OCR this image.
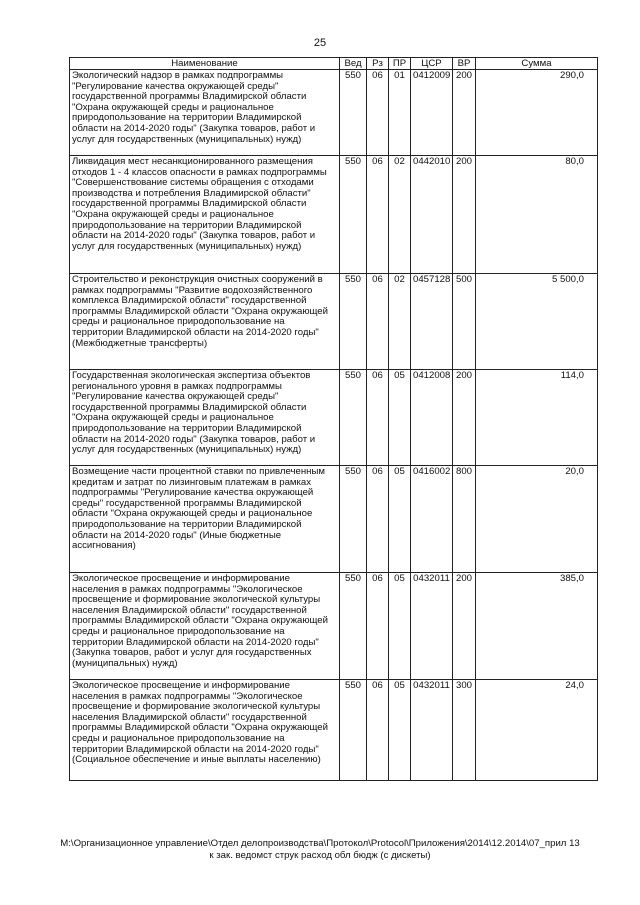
25
Наименование	Вед	Рз	ПР	ЦСР	ВР	Сумма
Экологический надзор в рамках подпрограммы "Регулирование качества окружающей среды" государственной программы Владимирской области "Охрана окружающей среды и рациональное природопользование на территории Владимирской области на 2014-2020 годы" (Закупка товаров, работ и услуг для государственных (муниципальных) нужд)	550	06	01	0412009	200	290,0
Ликвидация мест несанкционированного размещения отходов 1 - 4 классов опасности в рамках подпрограммы "Совершенствование системы обращения с отходами производства и потребления Владимирской области" государственной программы Владимирской области "Охрана окружающей среды и рациональное природопользование на территории Владимирской области на 2014-2020 годы" (Закупка товаров, работ и услуг для государственных (муниципальных) нужд)	550	06	02	0442010	200	80,0
Строительство и реконструкция очистных сооружений в рамках подпрограммы "Развитие водохозяйственного комплекса Владимирской области" государственной программы Владимирской области "Охрана окружающей среды и рациональное природопользование на территории Владимирской области на 2014-2020 годы" (Межбюджетные трансферты)	550	06	02	0457128	500	5 500,0
Государственная экологическая экспертиза объектов регионального уровня в рамках подпрограммы "Регулирование качества окружающей среды" государственной программы Владимирской области "Охрана окружающей среды и рациональное природопользование на территории Владимирской области на 2014-2020 годы" (Закупка товаров, работ и услуг для государственных (муниципальных) нужд)	550	06	05	0412008	200	114,0
Возмещение части процентной ставки по привлеченным кредитам и затрат по лизинговым платежам в рамках подпрограммы "Регулирование качества окружающей среды" государственной программы Владимирской области "Охрана окружающей среды и рациональное природопользование на территории Владимирской области на 2014-2020 годы" (Иные бюджетные ассигнования)	550	06	05	0416002	800	20,0
Экологическое просвещение и информирование населения в рамках подпрограммы "Экологическое просвещение и формирование экологической культуры населения Владимирской области" государственной программы Владимирской области "Охрана окружающей среды и рациональное природопользование на территории Владимирской области на 2014-2020 годы" (Закупка товаров, работ и услуг для государственных (муниципальных) нужд)	550	06	05	0432011	200	385,0
Экологическое просвещение и информирование населения в рамках подпрограммы "Экологическое просвещение и формирование экологической культуры населения Владимирской области" государственной программы Владимирской области "Охрана окружающей среды и рациональное природопользование на территории Владимирской области на 2014-2020 годы" (Социальное обеспечение и иные выплаты населению)	550	06	05	0432011	300	24,0
M:\Организационное управление\Отдел делопроизводства\Протокол\Protocol\Приложения\2014\12.2014\07_прил 13
к зак. ведомст струк расход обл бюдж (с дискеты)
